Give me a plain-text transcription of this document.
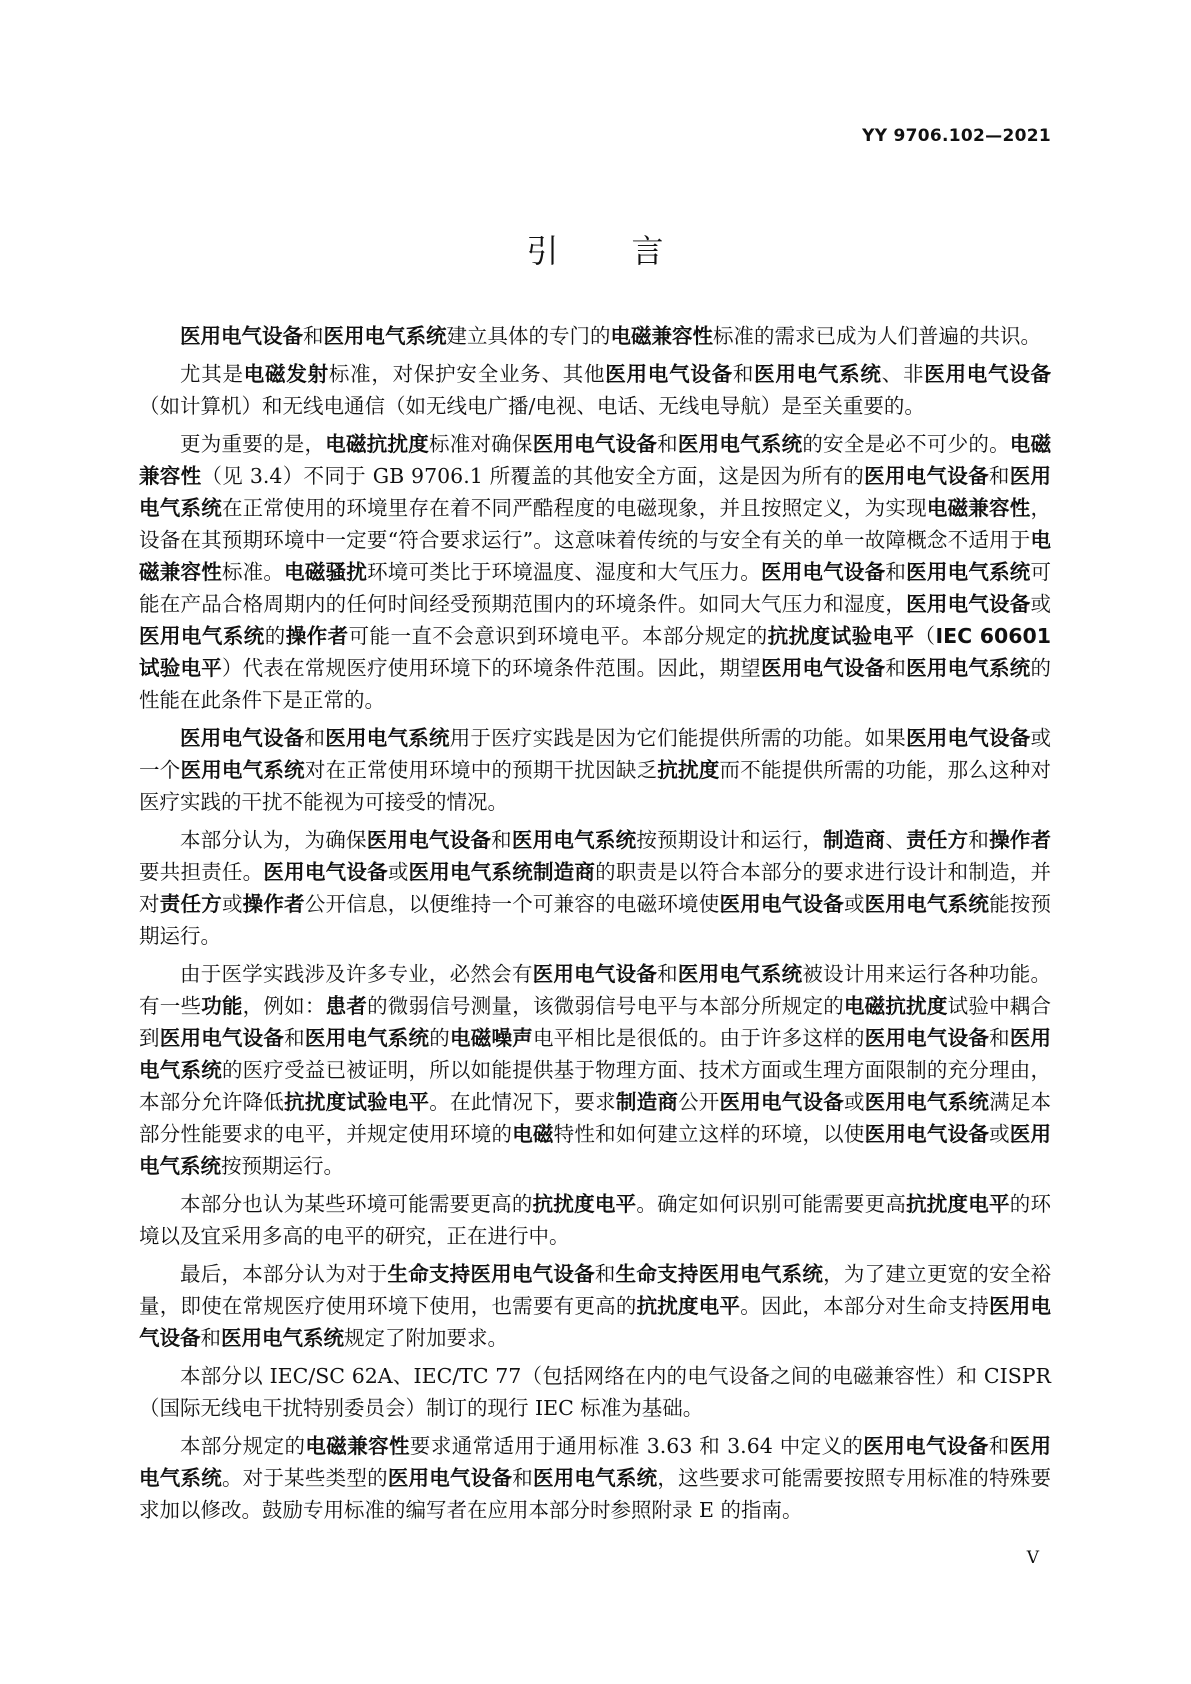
YY 9706.102—2021
引 言

医用电气设备和医用电气系统建立具体的专门的电磁兼容性标准的需求已成为人们普遍的共识。

尤其是电磁发射标准，对保护安全业务、其他医用电气设备和医用电气系统、非医用电气设备（如计算机）和无线电通信（如无线电广播/电视、电话、无线电导航）是至关重要的。

更为重要的是，电磁抗扰度标准对确保医用电气设备和医用电气系统的安全是必不可少的。电磁兼容性（见 3.4）不同于 GB 9706.1 所覆盖的其他安全方面，这是因为所有的医用电气设备和医用电气系统在正常使用的环境里存在着不同严酷程度的电磁现象，并且按照定义，为实现电磁兼容性，设备在其预期环境中一定要“符合要求运行”。这意味着传统的与安全有关的单一故障概念不适用于电磁兼容性标准。电磁骚扰环境可类比于环境温度、湿度和大气压力。医用电气设备和医用电气系统可能在产品合格周期内的任何时间经受预期范围内的环境条件。如同大气压力和湿度，医用电气设备或医用电气系统的操作者可能一直不会意识到环境电平。本部分规定的抗扰度试验电平（IEC 60601 试验电平）代表在常规医疗使用环境下的环境条件范围。因此，期望医用电气设备和医用电气系统的性能在此条件下是正常的。

医用电气设备和医用电气系统用于医疗实践是因为它们能提供所需的功能。如果医用电气设备或一个医用电气系统对在正常使用环境中的预期干扰因缺乏抗扰度而不能提供所需的功能，那么这种对医疗实践的干扰不能视为可接受的情况。

本部分认为，为确保医用电气设备和医用电气系统按预期设计和运行，制造商、责任方和操作者要共担责任。医用电气设备或医用电气系统制造商的职责是以符合本部分的要求进行设计和制造，并对责任方或操作者公开信息，以便维持一个可兼容的电磁环境使医用电气设备或医用电气系统能按预期运行。

由于医学实践涉及许多专业，必然会有医用电气设备和医用电气系统被设计用来运行各种功能。有一些功能，例如：患者的微弱信号测量，该微弱信号电平与本部分所规定的电磁抗扰度试验中耦合到医用电气设备和医用电气系统的电磁噪声电平相比是很低的。由于许多这样的医用电气设备和医用电气系统的医疗受益已被证明，所以如能提供基于物理方面、技术方面或生理方面限制的充分理由，本部分允许降低抗扰度试验电平。在此情况下，要求制造商公开医用电气设备或医用电气系统满足本部分性能要求的电平，并规定使用环境的电磁特性和如何建立这样的环境，以使医用电气设备或医用电气系统按预期运行。

本部分也认为某些环境可能需要更高的抗扰度电平。确定如何识别可能需要更高抗扰度电平的环境以及宜采用多高的电平的研究，正在进行中。

最后，本部分认为对于生命支持医用电气设备和生命支持医用电气系统，为了建立更宽的安全裕量，即使在常规医疗使用环境下使用，也需要有更高的抗扰度电平。因此，本部分对生命支持医用电气设备和医用电气系统规定了附加要求。

本部分以 IEC/SC 62A、IEC/TC 77（包括网络在内的电气设备之间的电磁兼容性）和 CISPR（国际无线电干扰特别委员会）制订的现行 IEC 标准为基础。

本部分规定的电磁兼容性要求通常适用于通用标准 3.63 和 3.64 中定义的医用电气设备和医用电气系统。对于某些类型的医用电气设备和医用电气系统，这些要求可能需要按照专用标准的特殊要求加以修改。鼓励专用标准的编写者在应用本部分时参照附录 E 的指南。

V
